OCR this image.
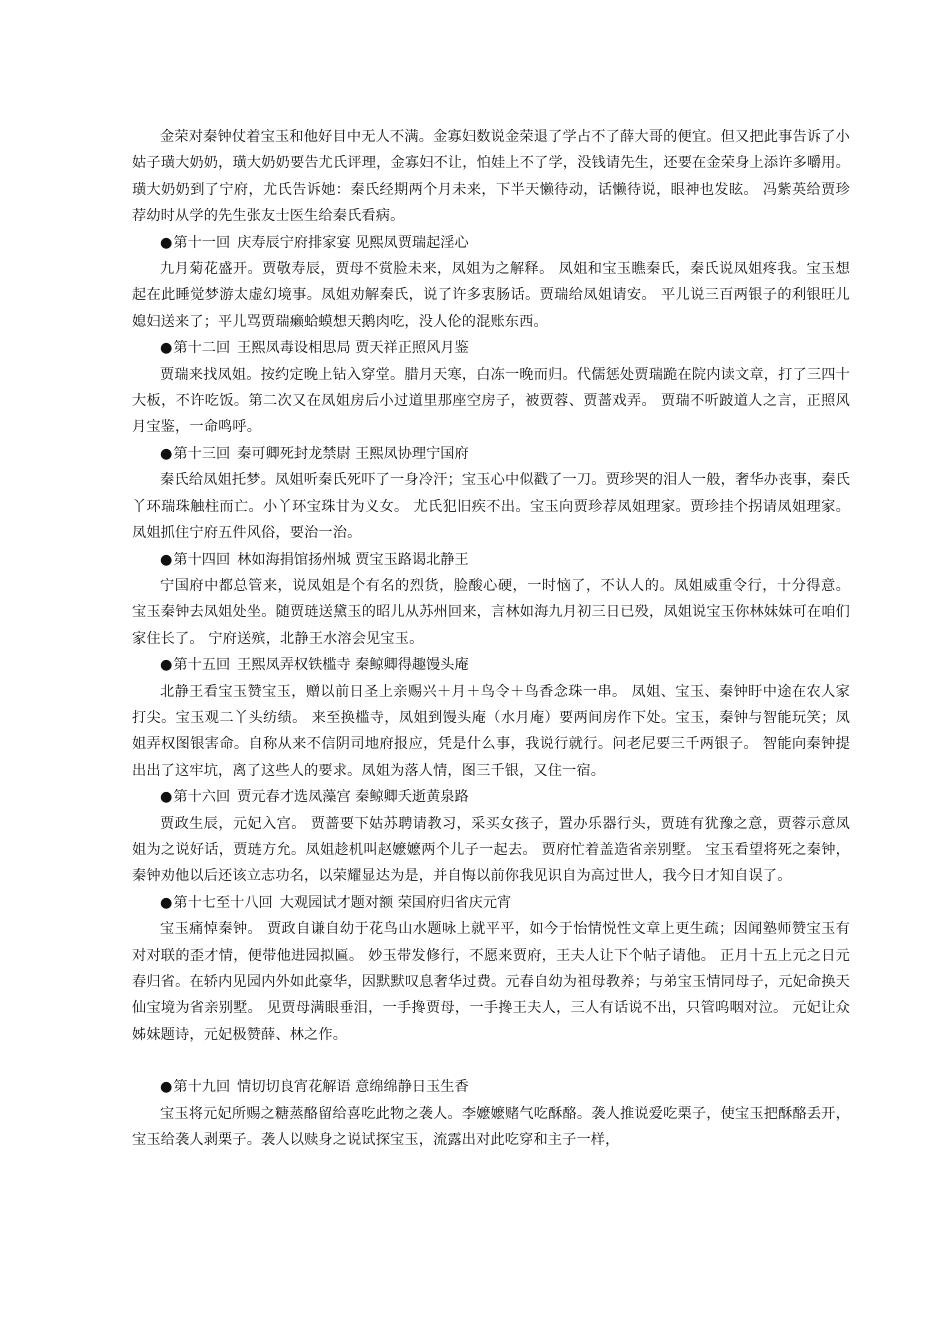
金荣对秦钟仗着宝玉和他好目中无人不满。金寡妇数说金荣退了学占不了薛大哥的便宜。但又把此事告诉了小姑子璜大奶奶，璜大奶奶要告尤氏评理，金寡妇不让，怕娃上不了学，没钱请先生，还要在金荣身上添许多嚼用。 璜大奶奶到了宁府，尤氏告诉她：秦氏经期两个月未来，下半天懒待动，话懒待说，眼神也发眩。 冯紫英给贾珍荐幼时从学的先生张友士医生给秦氏看病。

●第十一回 庆寿辰宁府排家宴 见熙凤贾瑞起淫心

九月菊花盛开。贾敬寿辰，贾母不赏脸未来，凤姐为之解释。 凤姐和宝玉瞧秦氏，秦氏说凤姐疼我。宝玉想起在此睡觉梦游太虚幻境事。凤姐劝解秦氏，说了许多衷肠话。贾瑞给凤姐请安。 平儿说三百两银子的利银旺儿媳妇送来了；平儿骂贾瑞癞蛤蟆想天鹅肉吃，没人伦的混账东西。

●第十二回 王熙凤毒设相思局 贾天祥正照风月鉴

贾瑞来找凤姐。按约定晚上钻入穿堂。腊月天寒，白冻一晚而归。代儒惩处贾瑞跪在院内读文章，打了三四十大板，不许吃饭。第二次又在凤姐房后小过道里那座空房子，被贾蓉、贾蔷戏弄。 贾瑞不听跛道人之言，正照风月宝鉴，一命鸣呼。

●第十三回 秦可卿死封龙禁尉 王熙凤协理宁国府

秦氏给凤姐托梦。凤姐听秦氏死吓了一身冷汗；宝玉心中似戳了一刀。贾珍哭的泪人一般，奢华办丧事，秦氏丫环瑞珠触柱而亡。小丫环宝珠甘为义女。 尤氏犯旧疾不出。宝玉向贾珍荐凤姐理家。贾珍挂个拐请凤姐理家。 凤姐抓住宁府五件风俗，要治一治。

●第十四回 林如海捐馆扬州城 贾宝玉路谒北静王

宁国府中都总管来，说凤姐是个有名的烈货，脸酸心硬，一时恼了，不认人的。凤姐威重令行，十分得意。 宝玉秦钟去凤姐处坐。随贾琏送黛玉的昭儿从苏州回来，言林如海九月初三日已殁，凤姐说宝玉你林妹妹可在咱们家住长了。 宁府送殡，北静王水溶会见宝玉。

●第十五回 王熙凤弄权铁槛寺 秦鲸卿得趣馒头庵

北静王看宝玉赞宝玉，赠以前日圣上亲赐兴＋月＋鸟令＋鸟香念珠一串。 凤姐、宝玉、秦钟盱中途在农人家打尖。宝玉观二丫头纺绩。 来至换槛寺，凤姐到馒头庵（水月庵）要两间房作下处。宝玉，秦钟与智能玩笑；凤姐弄权图银害命。自称从来不信阴司地府报应，凭是什么事，我说行就行。问老尼要三千两银子。 智能向秦钟提出出了这牢坑，离了这些人的要求。凤姐为落人情，图三千银，又住一宿。

●第十六回 贾元春才选凤藻宫 秦鲸卿夭逝黄泉路

贾政生辰，元妃入宫。 贾蔷要下姑苏聘请教习，采买女孩子，置办乐器行头，贾琏有犹豫之意，贾蓉示意凤姐为之说好话，贾琏方允。凤姐趁机叫赵嬷嬷两个儿子一起去。 贾府忙着盖造省亲别墅。 宝玉看望将死之秦钟，秦钟劝他以后还该立志功名，以荣耀显达为是，并自悔以前你我见识自为高过世人，我今日才知自误了。

●第十七至十八回 大观园试才题对额 荣国府归省庆元宵

宝玉痛悼秦钟。 贾政自谦自幼于花鸟山水题咏上就平平，如今于怡情悦性文章上更生疏；因闻塾师赞宝玉有对对联的歪才情，便带他进园拟匾。 妙玉带发修行，不愿来贾府，王夫人让下个帖子请他。 正月十五上元之日元春归省。在轿内见园内外如此豪华，因默默叹息奢华过费。元春自幼为祖母教养；与弟宝玉情同母子，元妃命换天仙宝境为省亲别墅。 见贾母满眼垂泪，一手搀贾母，一手搀王夫人，三人有话说不出，只管呜咽对泣。 元妃让众姊妹题诗，元妃极赞薛、林之作。

●第十九回 情切切良宵花解语 意绵绵静日玉生香

宝玉将元妃所赐之糖蒸酪留给喜吃此物之袭人。李嬷嬷赌气吃酥酪。袭人推说爱吃栗子，使宝玉把酥酪丢开，宝玉给袭人剥栗子。袭人以赎身之说试探宝玉，流露出对此吃穿和主子一样，
